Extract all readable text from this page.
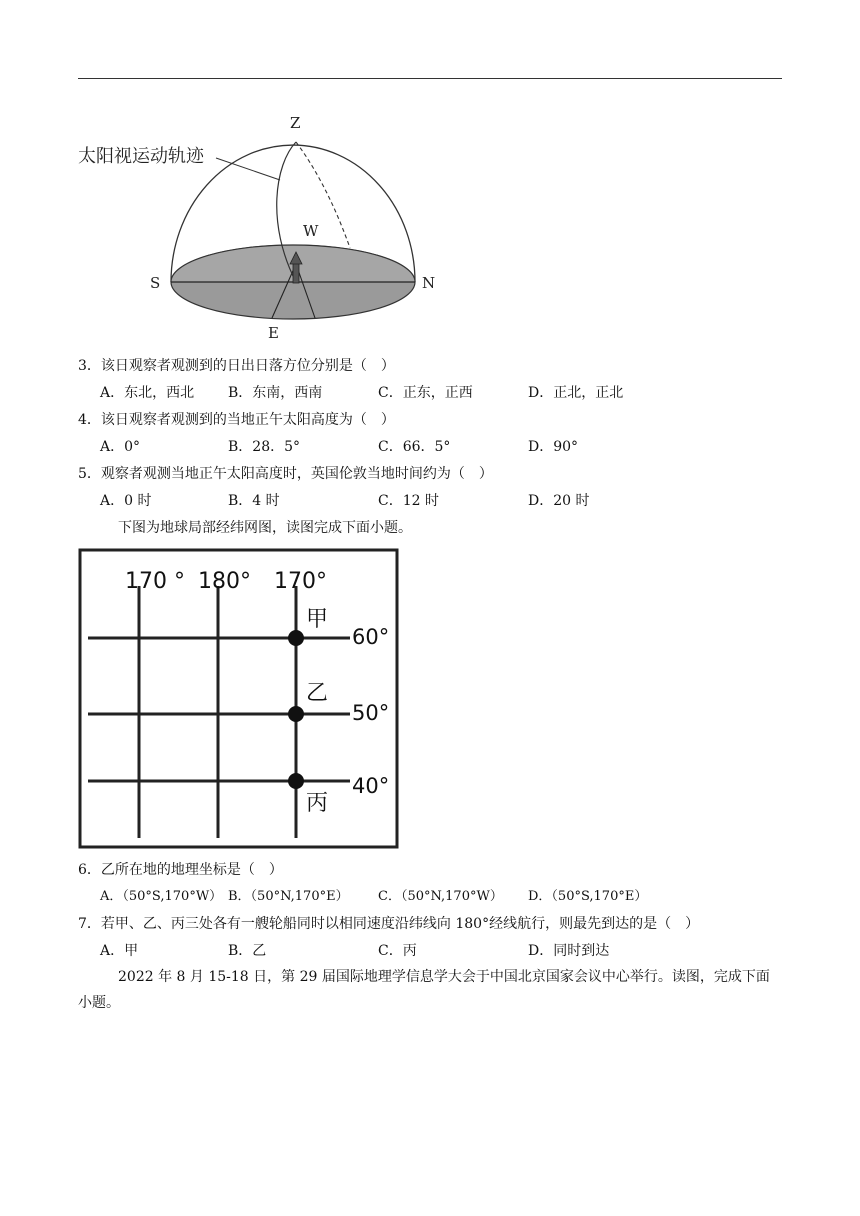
太阳视运动轨迹
Z
W
S	N
E
3．该日观察者观测到的日出日落方位分别是（　）
A．东北，西北 B．东南，西南	C．正东，正西	D．正北，正北
4．该日观察者观测到的当地正午太阳高度为（　）
A．0°	B．28．5°	C．66．5°	D．90°
5．观察者观测当地正午太阳高度时，英国伦敦当地时间约为（　）
A．0 时	B．4 时	C．12 时	D．20 时
下图为地球局部经纬网图，读图完成下面小题。
170 ° 180° 170°
60°
50°
40°
甲
乙
丙
6．乙所在地的地理坐标是（　）
A．（50°S,170°W） B．（50°N,170°E） C．（50°N,170°W） D．（50°S,170°E）
7．若甲、乙、丙三处各有一艘轮船同时以相同速度沿纬线向 180°经线航行，则最先到达的是（　）
A．甲	B．乙	C．丙	D．同时到达
2022 年 8 月 15-18 日，第 29 届国际地理学信息学大会于中国北京国家会议中心举行。读图，完成下面小题。
